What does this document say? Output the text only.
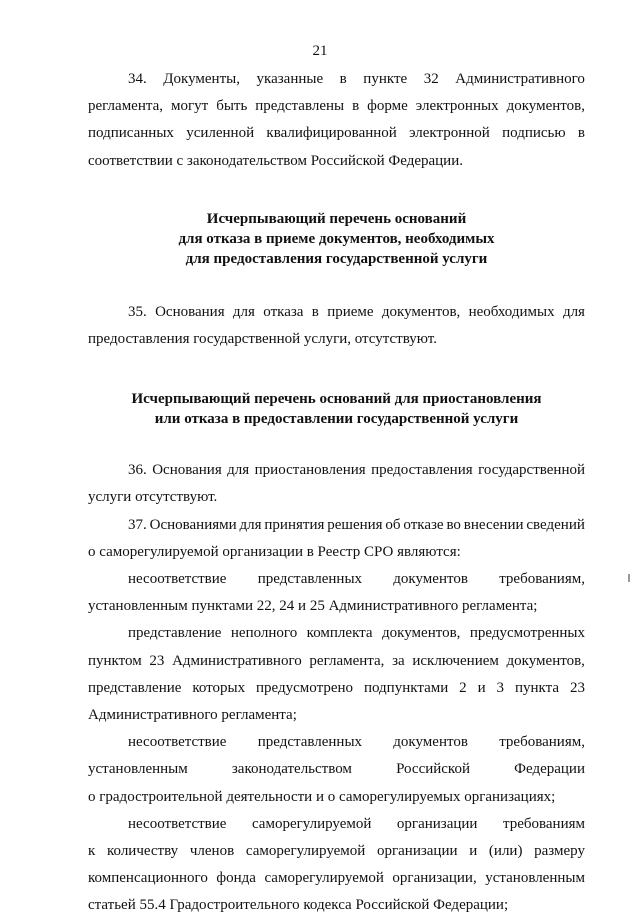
21
34. Документы, указанные в пункте 32 Административного
регламента, могут быть представлены в форме электронных документов,
подписанных усиленной квалифицированной электронной подписью в
соответствии с законодательством Российской Федерации.
Исчерпывающий перечень оснований
для отказа в приеме документов, необходимых
для предоставления государственной услуги
35. Основания для отказа в приеме документов, необходимых для
предоставления государственной услуги, отсутствуют.
Исчерпывающий перечень оснований для приостановления
или отказа в предоставлении государственной услуги
36. Основания для приостановления предоставления государственной
услуги отсутствуют.
37. Основаниями для принятия решения об отказе во внесении сведений
о саморегулируемой организации в Реестр СРО являются:
несоответствие представленных документов требованиям,
установленным пунктами 22, 24 и 25 Административного регламента;
представление неполного комплекта документов, предусмотренных
пунктом 23 Административного регламента, за исключением документов,
представление которых предусмотрено подпунктами 2 и 3 пункта 23
Административного регламента;
несоответствие представленных документов требованиям,
установленным	законодательством	Российской	Федерации
о градостроительной деятельности и о саморегулируемых организациях;
несоответствие саморегулируемой организации требованиям
к количеству членов саморегулируемой организации и (или) размеру
компенсационного фонда саморегулируемой организации, установленным
статьей 55.4 Градостроительного кодекса Российской Федерации;
